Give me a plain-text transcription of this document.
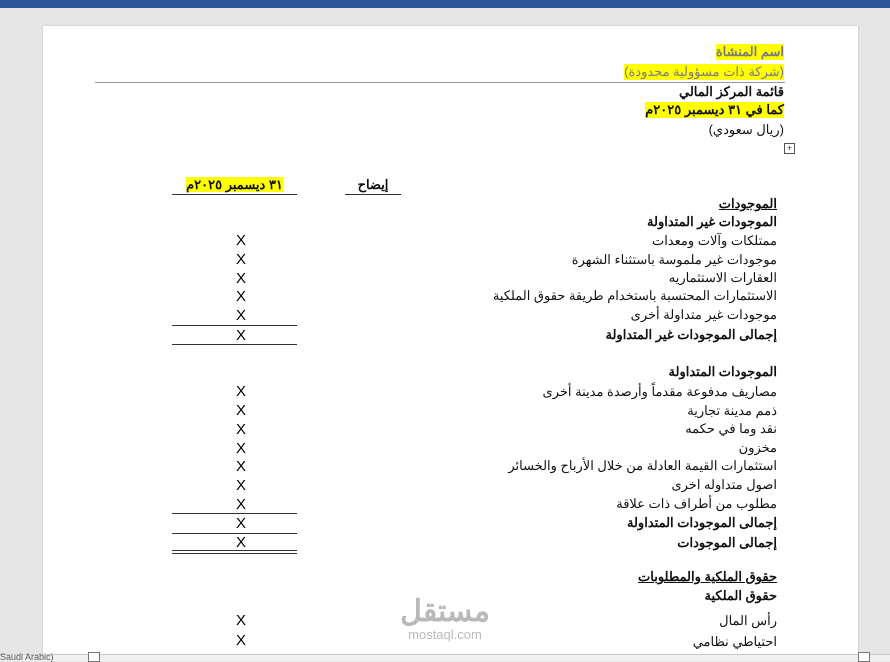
اسم المنشاة
(شركة ذات مسؤولية محدودة)
قائمة المركز المالي
كما في ٣١ ديسمبر ٢٠٢٥م
(ريال سعودي)
+
إيضاح
٣١ ديسمبر ٢٠٢٥م
الموجودات
الموجودات غير المتداولة
ممتلكات وآلات ومعدات
X
موجودات غير ملموسة باستثناء الشهرة
X
العقارات الاستثماريه
X
الاستثمارات المحتسبة باستخدام طريقة حقوق الملكية
X
موجودات غير متداولة أخرى
X
إجمالى الموجودات غير المتداولة
X
الموجودات المتداولة
مصاريف مدفوعة مقدماً وأرصدة مدينة أخرى
X
ذمم مدينة تجارية
X
نقد وما في حكمه
X
مخزون
X
استثمارات القيمة العادلة من خلال الأرباح والخسائر
X
اصول متداوله اخرى
X
مطلوب من أطراف ذات علاقة
X
إجمالى الموجودات المتداولة
X
إجمالى الموجودات
X
حقوق الملكية والمطلوبات
حقوق الملكية
رأس المال
X
احتياطي نظامي
X
مستقل
mostaql.com
Saudi Arabic)
